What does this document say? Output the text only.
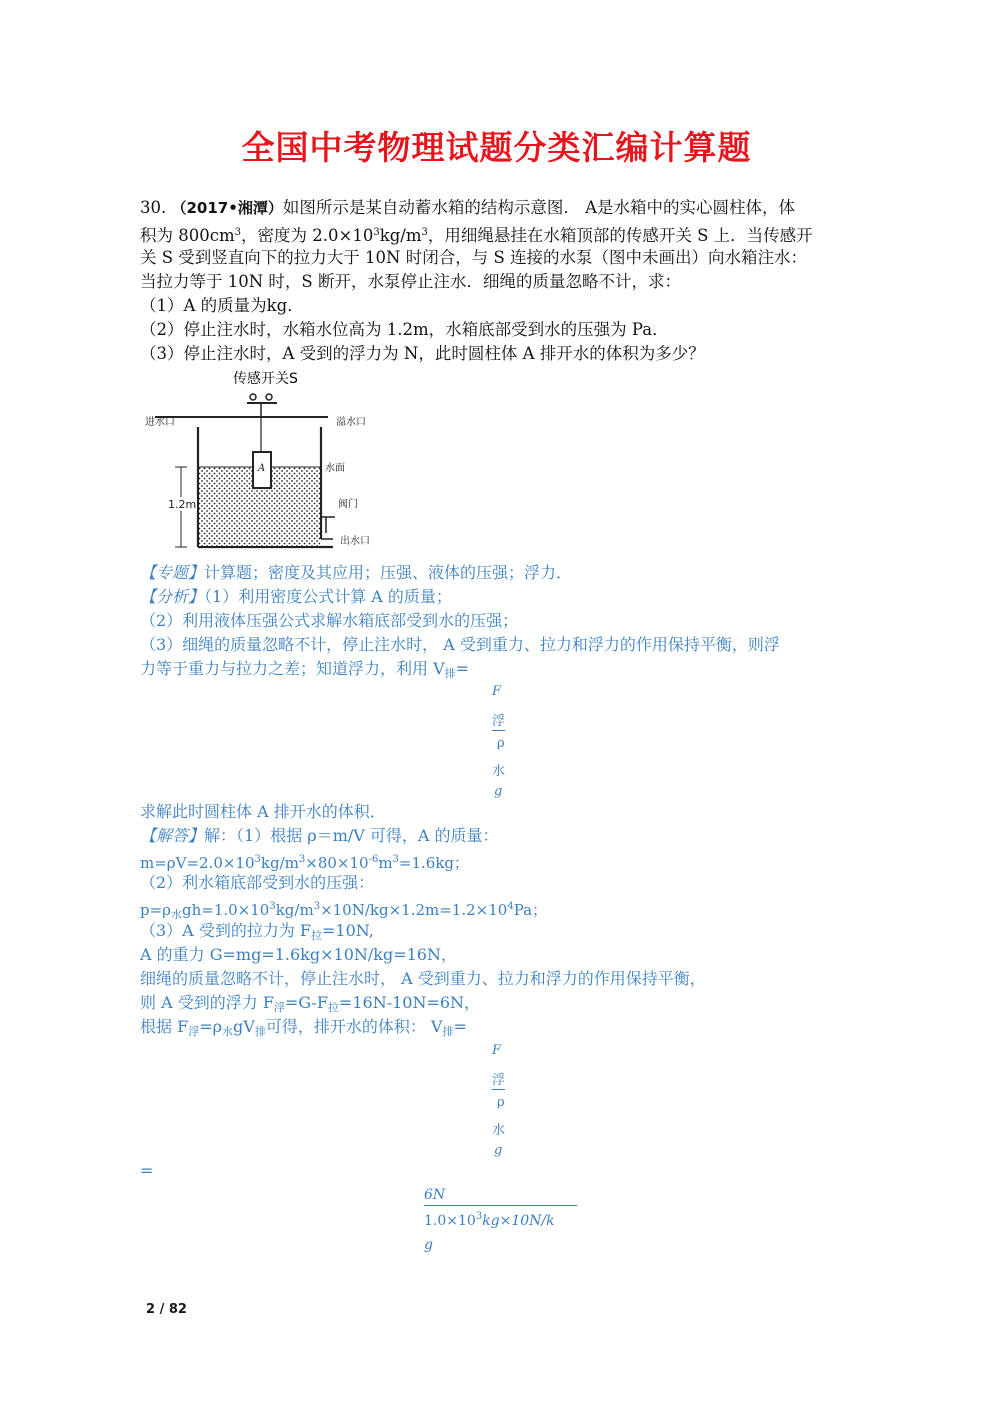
全国中考物理试题分类汇编计算题
30. （2017•湘潭）如图所示是某自动蓄水箱的结构示意图． A是水箱中的实心圆柱体，体
积为 $800cm^3$，密度为 $2.0\times 10^3kg/m^3$，用细绳悬挂在水箱顶部的传感开关 S 上．当传感开
关 S 受到竖直向下的拉力大于 10N 时闭合，与 S 连接的水泵（图中未画出）向水箱注水：
当拉力等于 10N 时，S 断开，水泵停止注水．细绳的质量忽略不计，求：
（1）A 的质量为kg．
（2）停止注水时，水箱水位高为 1.2m，水箱底部受到水的压强为 Pa．
（3）停止注水时，A 受到的浮力为 N，此时圆柱体 A 排开水的体积为多少？
传感开关S
进水口	溢水口
A	水面
阀门
出水口
1.2m
【专题】计算题；密度及其应用；压强、液体的压强；浮力．
【分析】（1）利用密度公式计算 A 的质量；
（2）利用液体压强公式求解水箱底部受到水的压强；
（3）细绳的质量忽略不计，停止注水时， A 受到重力、拉力和浮力的作用保持平衡，则浮
力等于重力与拉力之差；知道浮力，利用 $V_排=$
F
浮
ρ
水
g
求解此时圆柱体 A 排开水的体积．
【解答】解：（1）根据 ρ＝m/V 可得，A 的质量：
$m=\rho V=2.0\times 10^3kg/m^3\times 80\times 10^{-6}m^3=1.6kg$；
（2）利水箱底部受到水的压强：
$p=\rho_水gh=1.0\times 10^3kg/m^3\times 10N/kg\times 1.2m=1.2\times 10^4Pa$；
（3）A 受到的拉力为 $F_拉=10N$,
A 的重力 G=mg=1.6kg×10N/kg=16N，
细绳的质量忽略不计，停止注水时， A 受到重力、拉力和浮力的作用保持平衡，
则 A 受到的浮力 $F_浮=G-F_拉=16N-10N=6N$，
根据 $F_浮=\rho_水gV_排$可得，排开水的体积： $V_排=$
F
浮
ρ
水
g
=
6N
$1.0\times 10^3kg\times 10N/k$
g
2 / 82
